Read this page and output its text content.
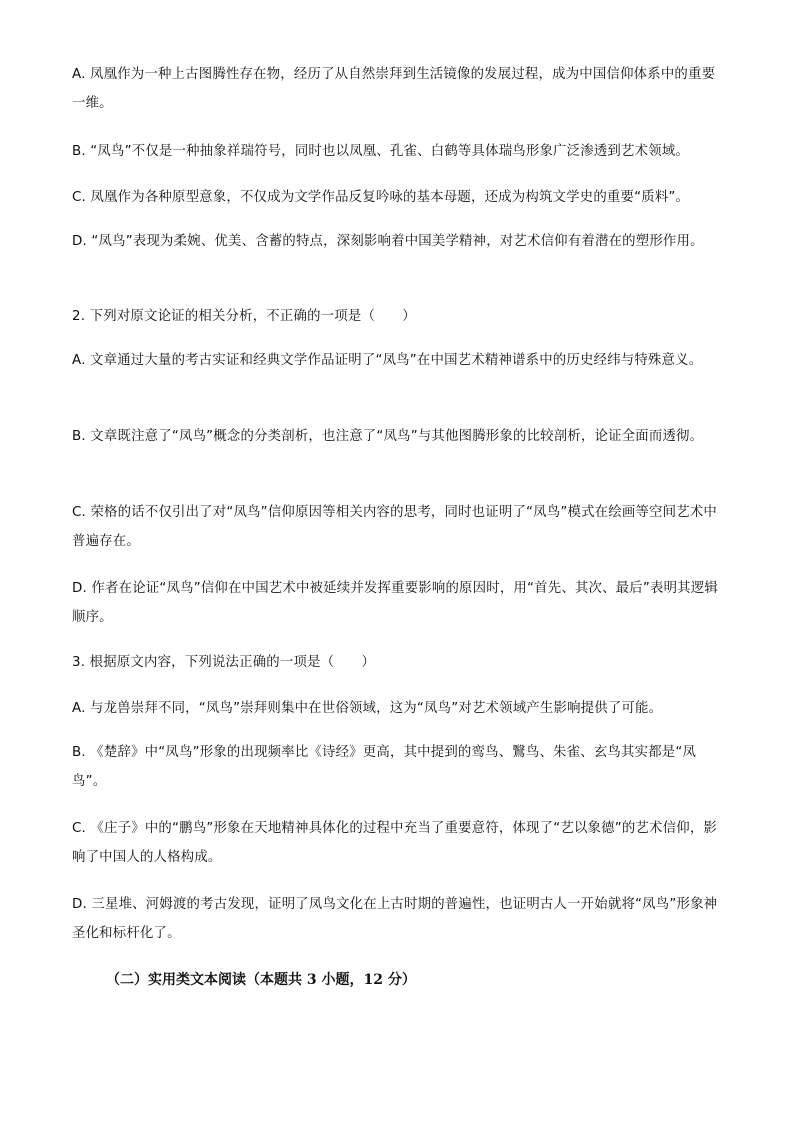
A. 凤凰作为一种上古图腾性存在物，经历了从自然崇拜到生活镜像的发展过程，成为中国信仰体系中的重要一维。
B. “凤鸟”不仅是一种抽象祥瑞符号，同时也以凤凰、孔雀、白鹤等具体瑞鸟形象广泛渗透到艺术领域。
C. 凤凰作为各种原型意象，不仅成为文学作品反复吟咏的基本母题，还成为构筑文学史的重要“质料”。
D. “凤鸟”表现为柔婉、优美、含蓄的特点，深刻影响着中国美学精神，对艺术信仰有着潜在的塑形作用。
2. 下列对原文论证的相关分析，不正确的一项是（　　）
A. 文章通过大量的考古实证和经典文学作品证明了“凤鸟”在中国艺术精神谱系中的历史经纬与特殊意义。
B. 文章既注意了“凤鸟”概念的分类剖析，也注意了“凤鸟”与其他图腾形象的比较剖析，论证全面而透彻。
C. 荣格的话不仅引出了对“凤鸟”信仰原因等相关内容的思考，同时也证明了“凤鸟”模式在绘画等空间艺术中普遍存在。
D. 作者在论证“凤鸟”信仰在中国艺术中被延续并发挥重要影响的原因时，用“首先、其次、最后”表明其逻辑顺序。
3. 根据原文内容，下列说法正确的一项是（　　）
A. 与龙兽崇拜不同，“凤鸟”崇拜则集中在世俗领域，这为“凤鸟”对艺术领域产生影响提供了可能。
B. 《楚辞》中“凤鸟”形象的出现频率比《诗经》更高，其中提到的鸾鸟、鷖鸟、朱雀、玄鸟其实都是“凤鸟”。
C. 《庄子》中的“鹏鸟”形象在天地精神具体化的过程中充当了重要意符，体现了“艺以象德”的艺术信仰，影响了中国人的人格构成。
D. 三星堆、河姆渡的考古发现，证明了凤鸟文化在上古时期的普遍性，也证明古人一开始就将“凤鸟”形象神圣化和标杆化了。
（二）实用类文本阅读（本题共 3 小题，12 分）
